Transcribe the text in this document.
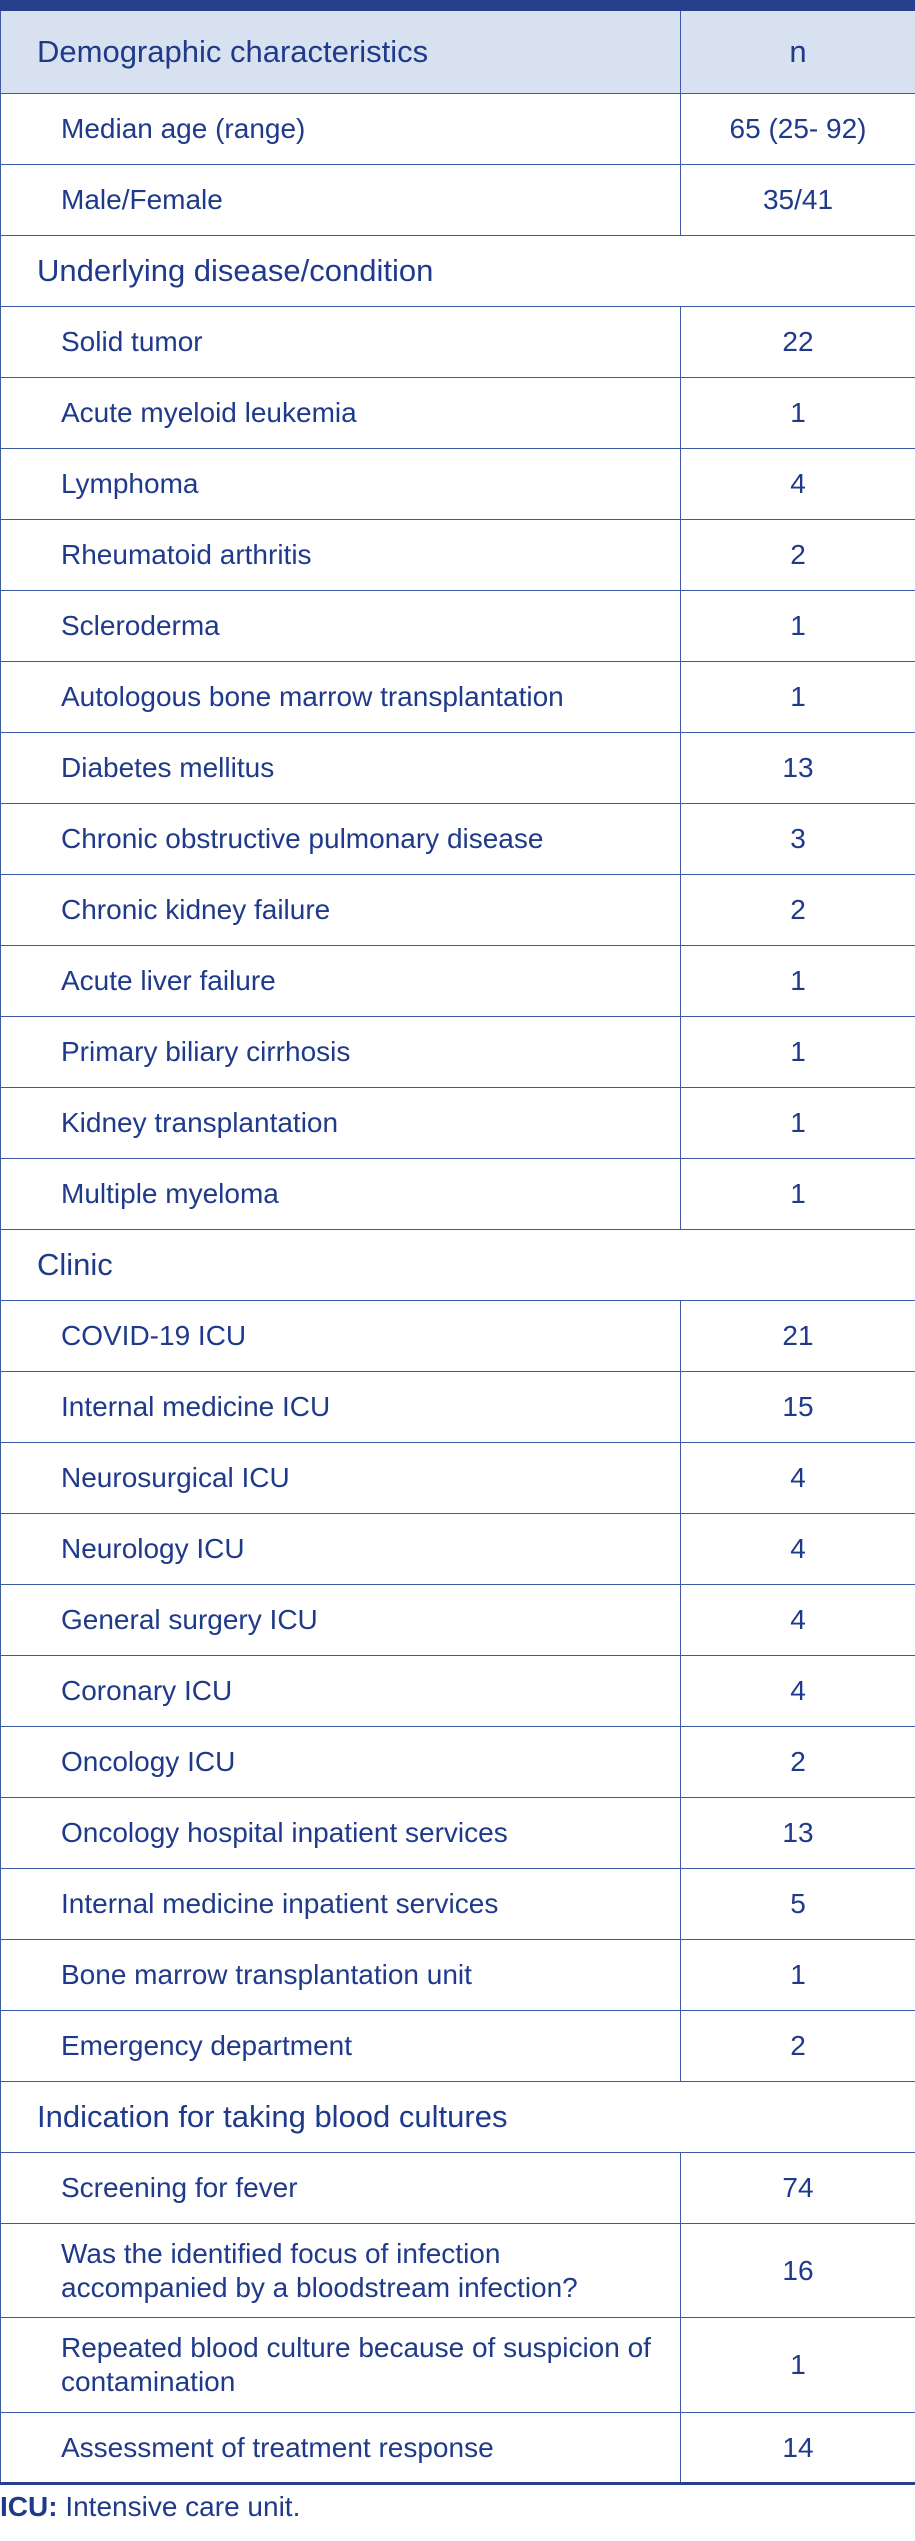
Demographic characteristics	n
Median age (range)	65 (25- 92)
Male/Female	35/41
Underlying disease/condition	
Solid tumor	22
Acute myeloid leukemia	1
Lymphoma	4
Rheumatoid arthritis	2
Scleroderma	1
Autologous bone marrow transplantation	1
Diabetes mellitus	13
Chronic obstructive pulmonary disease	3
Chronic kidney failure	2
Acute liver failure	1
Primary biliary cirrhosis	1
Kidney transplantation	1
Multiple myeloma	1
Clinic	
COVID-19 ICU	21
Internal medicine ICU	15
Neurosurgical ICU	4
Neurology ICU	4
General surgery ICU	4
Coronary ICU	4
Oncology ICU	2
Oncology hospital inpatient services	13
Internal medicine inpatient services	5
Bone marrow transplantation unit	1
Emergency department	2
Indication for taking blood cultures	
Screening for fever	74
Was the identified focus of infection accompanied by a bloodstream infection?	16
Repeated blood culture because of suspicion of contamination	1
Assessment of treatment response	14
ICU: Intensive care unit.
